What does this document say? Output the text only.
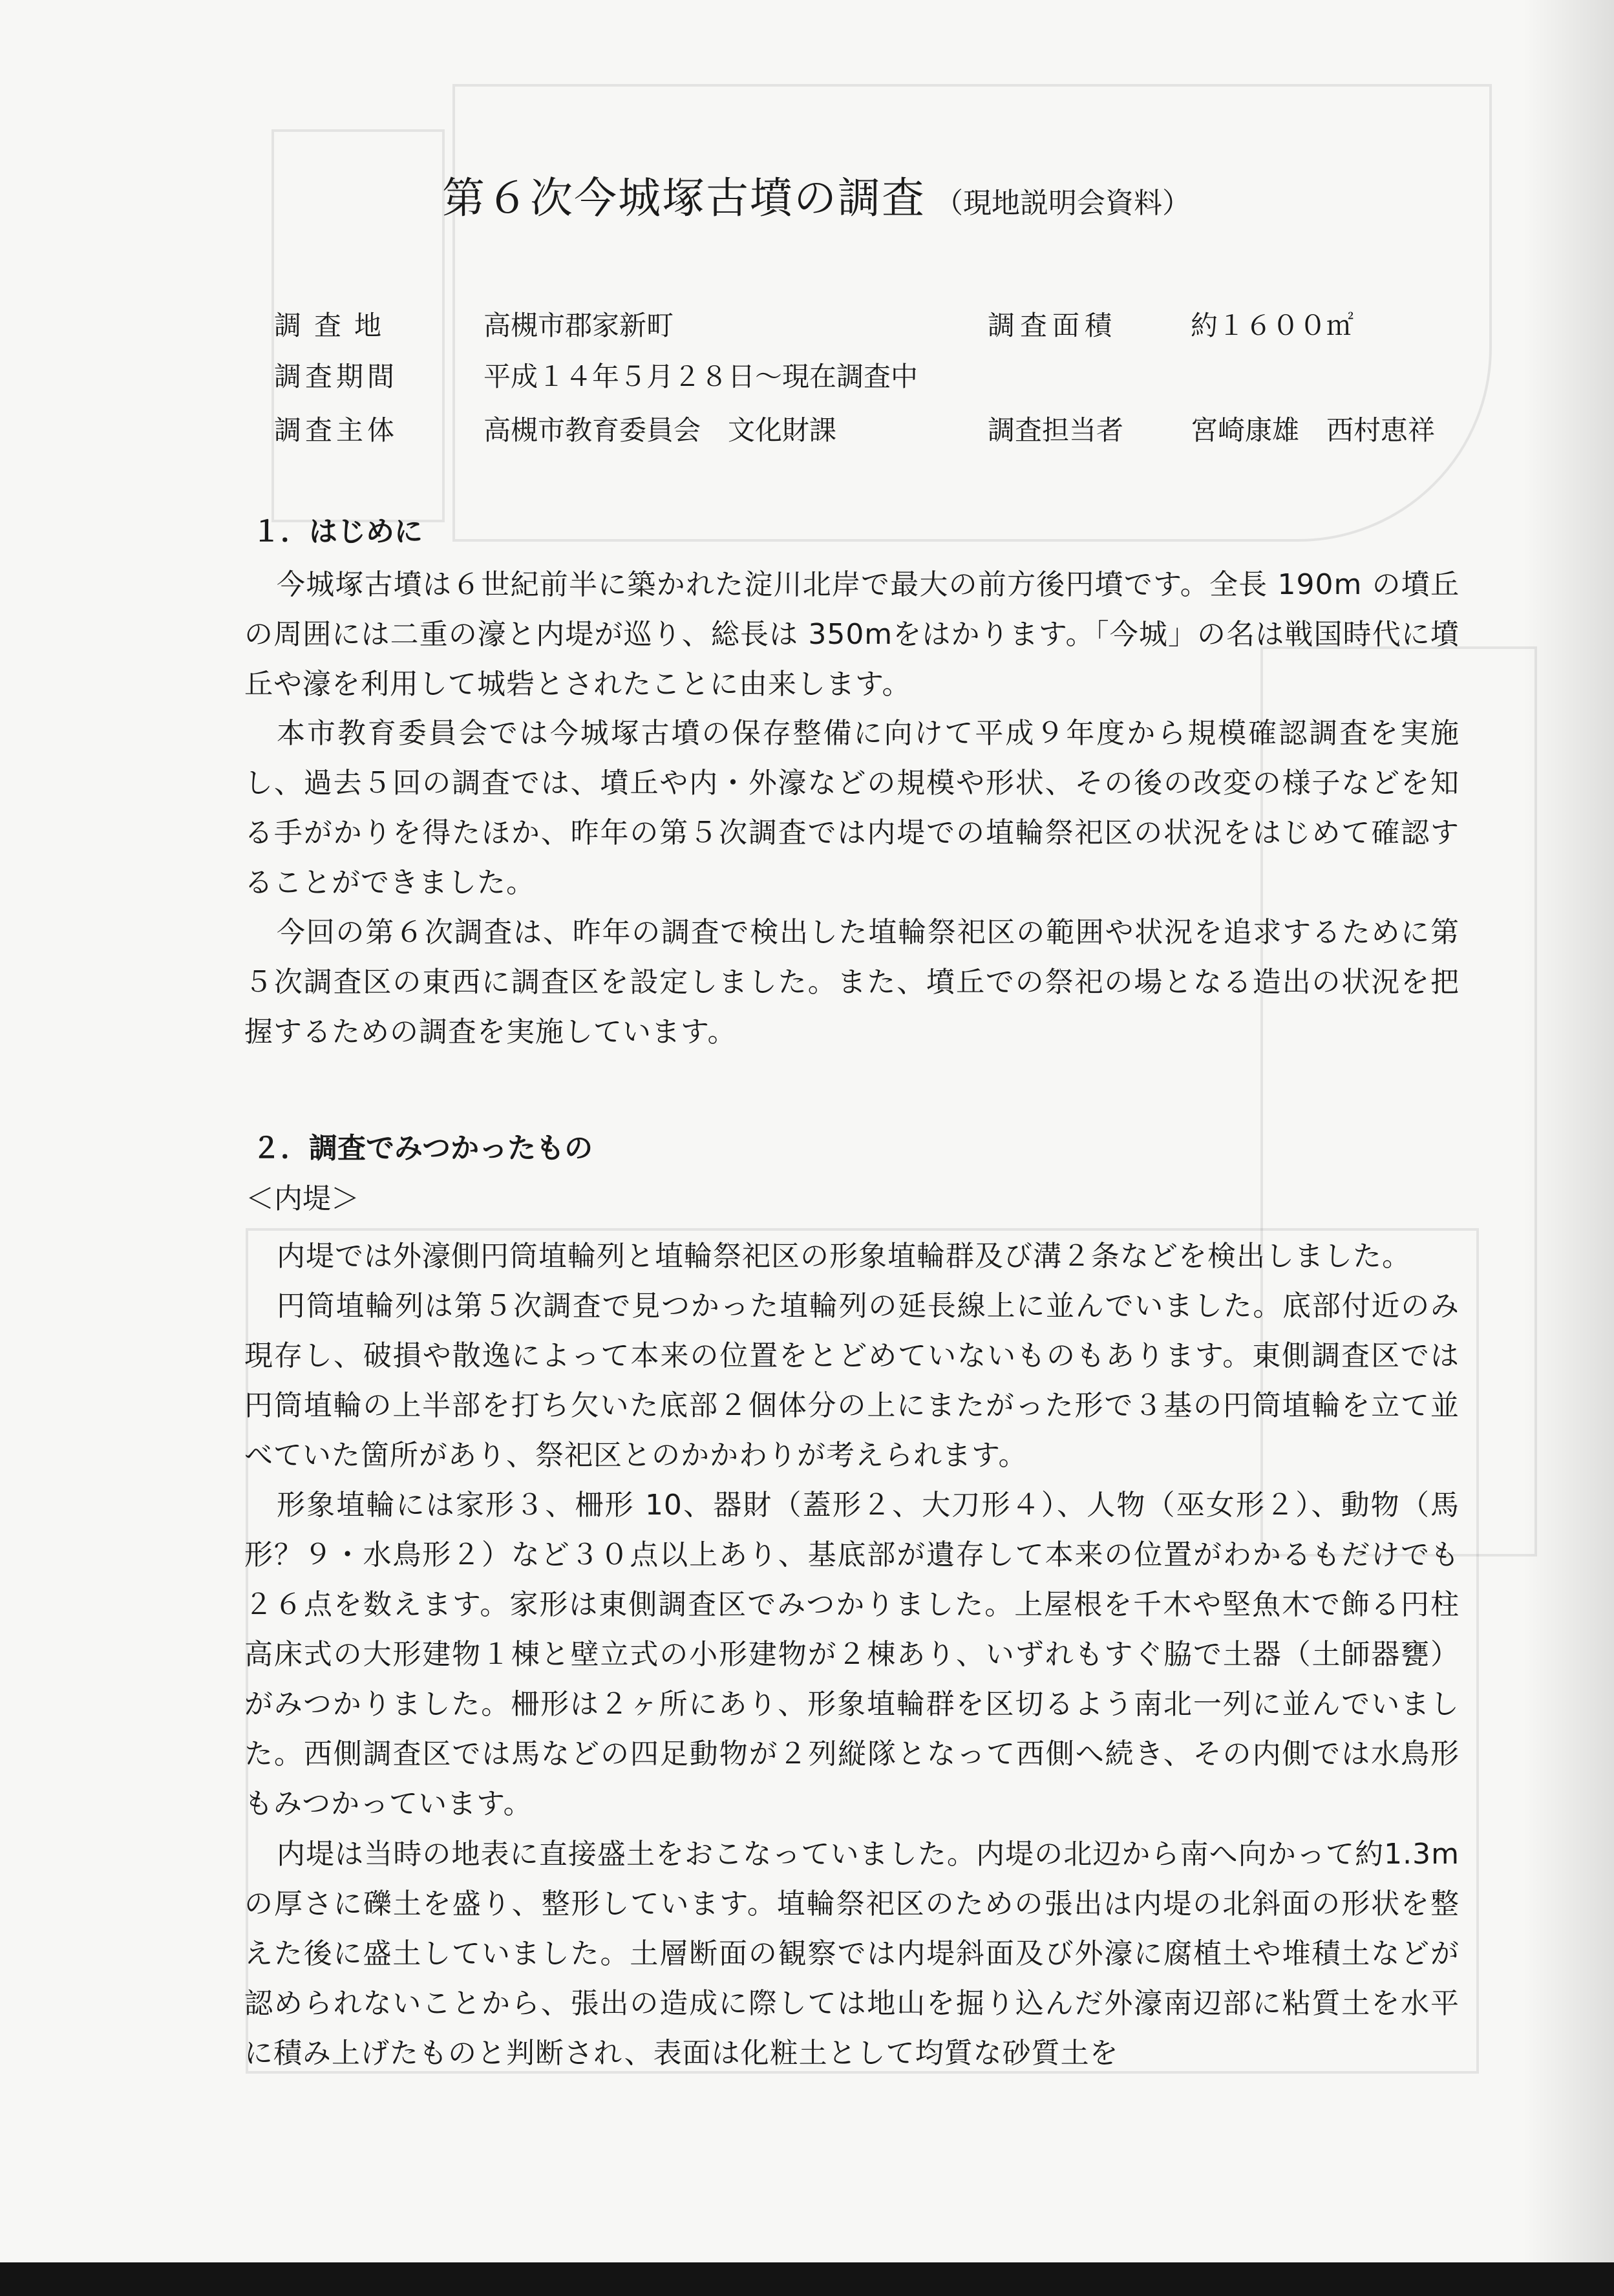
第６次今城塚古墳の調査 （現地説明会資料）
調査地	高槻市郡家新町	調査面積	約１６００㎡
調査期間	平成１４年５月２８日～現在調査中
調査主体	高槻市教育委員会　文化財課	調査担当者 宮崎康雄　西村恵祥
１．はじめに
今城塚古墳は６世紀前半に築かれた淀川北岸で最大の前方後円墳です。全長 190m の墳丘の周囲には二重の濠と内堤が巡り、総長は 350mをはかります。「今城」の名は戦国時代に墳丘や濠を利用して城砦とされたことに由来します。
本市教育委員会では今城塚古墳の保存整備に向けて平成９年度から規模確認調査を実施し、過去５回の調査では、墳丘や内・外濠などの規模や形状、その後の改変の様子などを知る手がかりを得たほか、昨年の第５次調査では内堤での埴輪祭祀区の状況をはじめて確認することができました。
今回の第６次調査は、昨年の調査で検出した埴輪祭祀区の範囲や状況を追求するために第５次調査区の東西に調査区を設定しました。また、墳丘での祭祀の場となる造出の状況を把握するための調査を実施しています。
２．調査でみつかったもの
＜内堤＞
内堤では外濠側円筒埴輪列と埴輪祭祀区の形象埴輪群及び溝２条などを検出しました。
円筒埴輪列は第５次調査で見つかった埴輪列の延長線上に並んでいました。底部付近のみ現存し、破損や散逸によって本来の位置をとどめていないものもあります。東側調査区では円筒埴輪の上半部を打ち欠いた底部２個体分の上にまたがった形で３基の円筒埴輪を立て並べていた箇所があり、祭祀区とのかかわりが考えられます。
形象埴輪には家形３、柵形 10、器財（蓋形２、大刀形４）、人物（巫女形２）、動物（馬形？９・水鳥形２）など３０点以上あり、基底部が遺存して本来の位置がわかるもだけでも２６点を数えます。家形は東側調査区でみつかりました。上屋根を千木や堅魚木で飾る円柱高床式の大形建物１棟と壁立式の小形建物が２棟あり、いずれもすぐ脇で土器（土師器甕）がみつかりました。柵形は２ヶ所にあり、形象埴輪群を区切るよう南北一列に並んでいました。西側調査区では馬などの四足動物が２列縦隊となって西側へ続き、その内側では水鳥形もみつかっています。
内堤は当時の地表に直接盛土をおこなっていました。内堤の北辺から南へ向かって約1.3mの厚さに礫土を盛り、整形しています。埴輪祭祀区のための張出は内堤の北斜面の形状を整えた後に盛土していました。土層断面の観察では内堤斜面及び外濠に腐植土や堆積土などが認められないことから、張出の造成に際しては地山を掘り込んだ外濠南辺部に粘質土を水平に積み上げたものと判断され、表面は化粧土として均質な砂質土を
